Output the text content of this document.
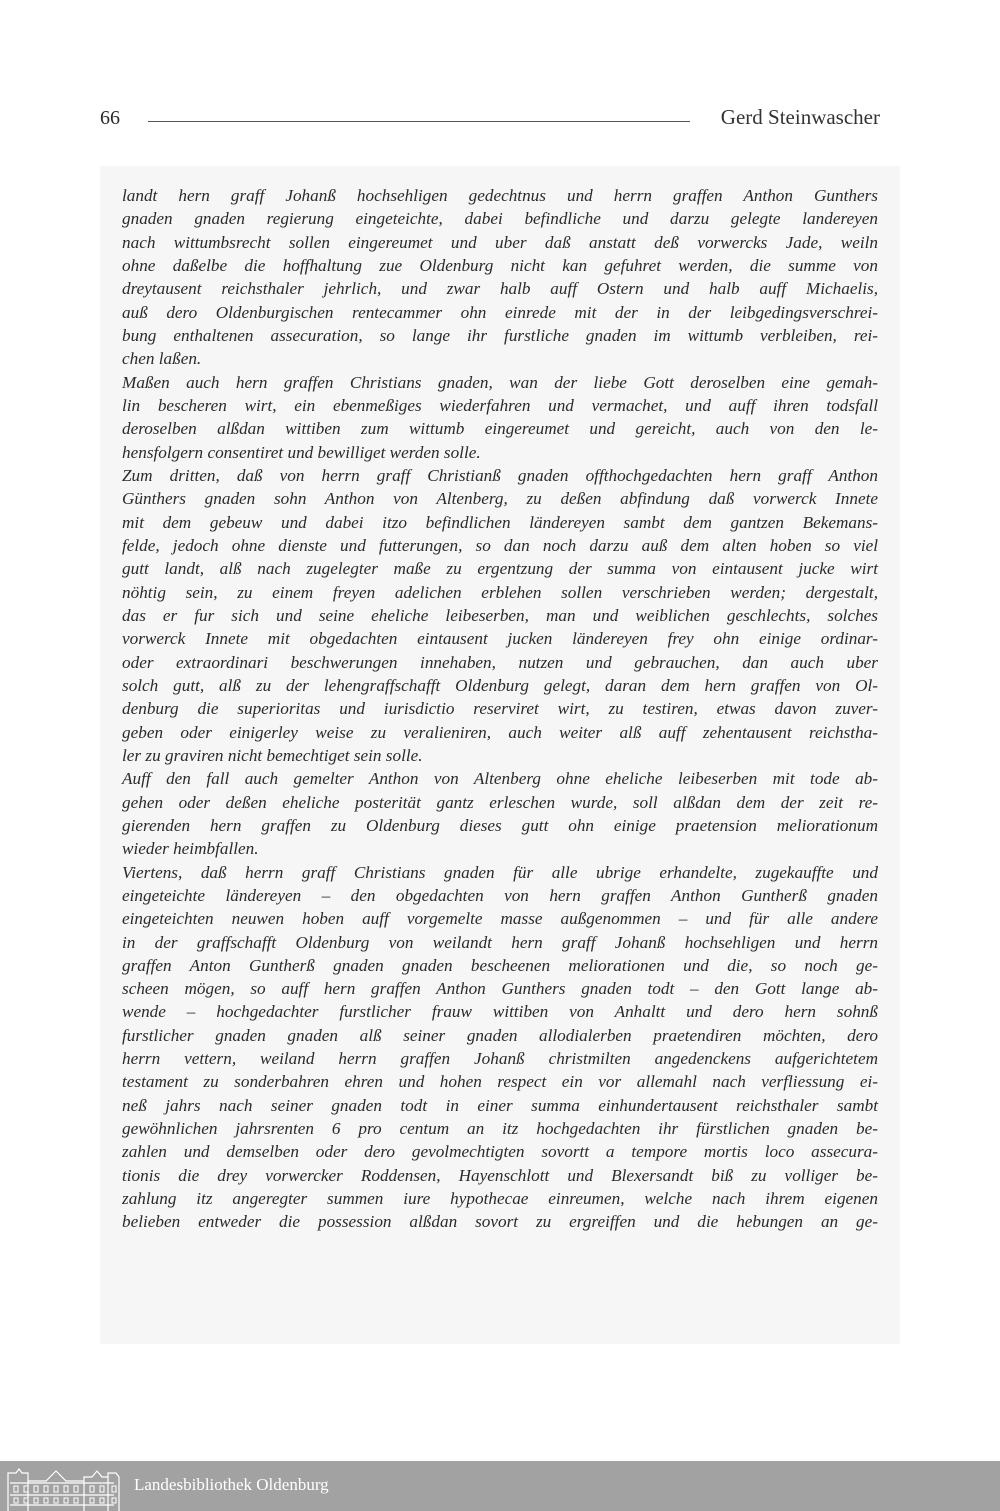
66	Gerd Steinwascher
landt hern graff Johanß hochsehligen gedechtnus und herrn graffen Anthon Gunthers
gnaden gnaden regierung eingeteichte, dabei befindliche und darzu gelegte landereyen
nach wittumbsrecht sollen eingereumet und uber daß anstatt deß vorwercks Jade, weiln
ohne daßelbe die hoffhaltung zue Oldenburg nicht kan gefuhret werden, die summe von
dreytausent reichsthaler jehrlich, und zwar halb auff Ostern und halb auff Michaelis,
auß dero Oldenburgischen rentecammer ohn einrede mit der in der leibgedingsverschrei-
bung enthaltenen assecuration, so lange ihr furstliche gnaden im wittumb verbleiben, rei-
chen laßen.
Maßen auch hern graffen Christians gnaden, wan der liebe Gott deroselben eine gemah-
lin bescheren wirt, ein ebenmeßiges wiederfahren und vermachet, und auff ihren todsfall
deroselben alßdan wittiben zum wittumb eingereumet und gereicht, auch von den le-
hensfolgern consentiret und bewilliget werden solle.
Zum dritten, daß von herrn graff Christianß gnaden offthochgedachten hern graff Anthon
Günthers gnaden sohn Anthon von Altenberg, zu deßen abfindung daß vorwerck Innete
mit dem gebeuw und dabei itzo befindlichen ländereyen sambt dem gantzen Bekemans-
felde, jedoch ohne dienste und futterungen, so dan noch darzu auß dem alten hoben so viel
gutt landt, alß nach zugelegter maße zu ergentzung der summa von eintausent jucke wirt
nöhtig sein, zu einem freyen adelichen erblehen sollen verschrieben werden; dergestalt,
das er fur sich und seine eheliche leibeserben, man und weiblichen geschlechts, solches
vorwerck Innete mit obgedachten eintausent jucken ländereyen frey ohn einige ordinar-
oder extraordinari beschwerungen innehaben, nutzen und gebrauchen, dan auch uber
solch gutt, alß zu der lehengraffschafft Oldenburg gelegt, daran dem hern graffen von Ol-
denburg die superioritas und iurisdictio reserviret wirt, zu testiren, etwas davon zuver-
geben oder einigerley weise zu veralieniren, auch weiter alß auff zehentausent reichstha-
ler zu graviren nicht bemechtiget sein solle.
Auff den fall auch gemelter Anthon von Altenberg ohne eheliche leibeserben mit tode ab-
gehen oder deßen eheliche posterität gantz erleschen wurde, soll alßdan dem der zeit re-
gierenden hern graffen zu Oldenburg dieses gutt ohn einige praetension meliorationum
wieder heimbfallen.
Viertens, daß herrn graff Christians gnaden für alle ubrige erhandelte, zugekauffte und
eingeteichte ländereyen – den obgedachten von hern graffen Anthon Guntherß gnaden
eingeteichten neuwen hoben auff vorgemelte masse außgenommen – und für alle andere
in der graffschafft Oldenburg von weilandt hern graff Johanß hochsehligen und herrn
graffen Anton Guntherß gnaden gnaden bescheenen meliorationen und die, so noch ge-
scheen mögen, so auff hern graffen Anthon Gunthers gnaden todt – den Gott lange ab-
wende – hochgedachter furstlicher frauw wittiben von Anhaltt und dero hern sohnß
furstlicher gnaden gnaden alß seiner gnaden allodialerben praetendiren möchten, dero
herrn vettern, weiland herrn graffen Johanß christmilten angedenckens aufgerichtetem
testament zu sonderbahren ehren und hohen respect ein vor allemahl nach verfliessung ei-
neß jahrs nach seiner gnaden todt in einer summa einhundertausent reichsthaler sambt
gewöhnlichen jahrsrenten 6 pro centum an itz hochgedachten ihr fürstlichen gnaden be-
zahlen und demselben oder dero gevolmechtigten sovortt a tempore mortis loco assecura-
tionis die drey vorwercker Roddensen, Hayenschlott und Blexersandt biß zu volliger be-
zahlung itz angeregter summen iure hypothecae einreumen, welche nach ihrem eigenen
belieben entweder die possession alßdan sovort zu ergreiffen und die hebungen an ge-
Landesbibliothek Oldenburg
